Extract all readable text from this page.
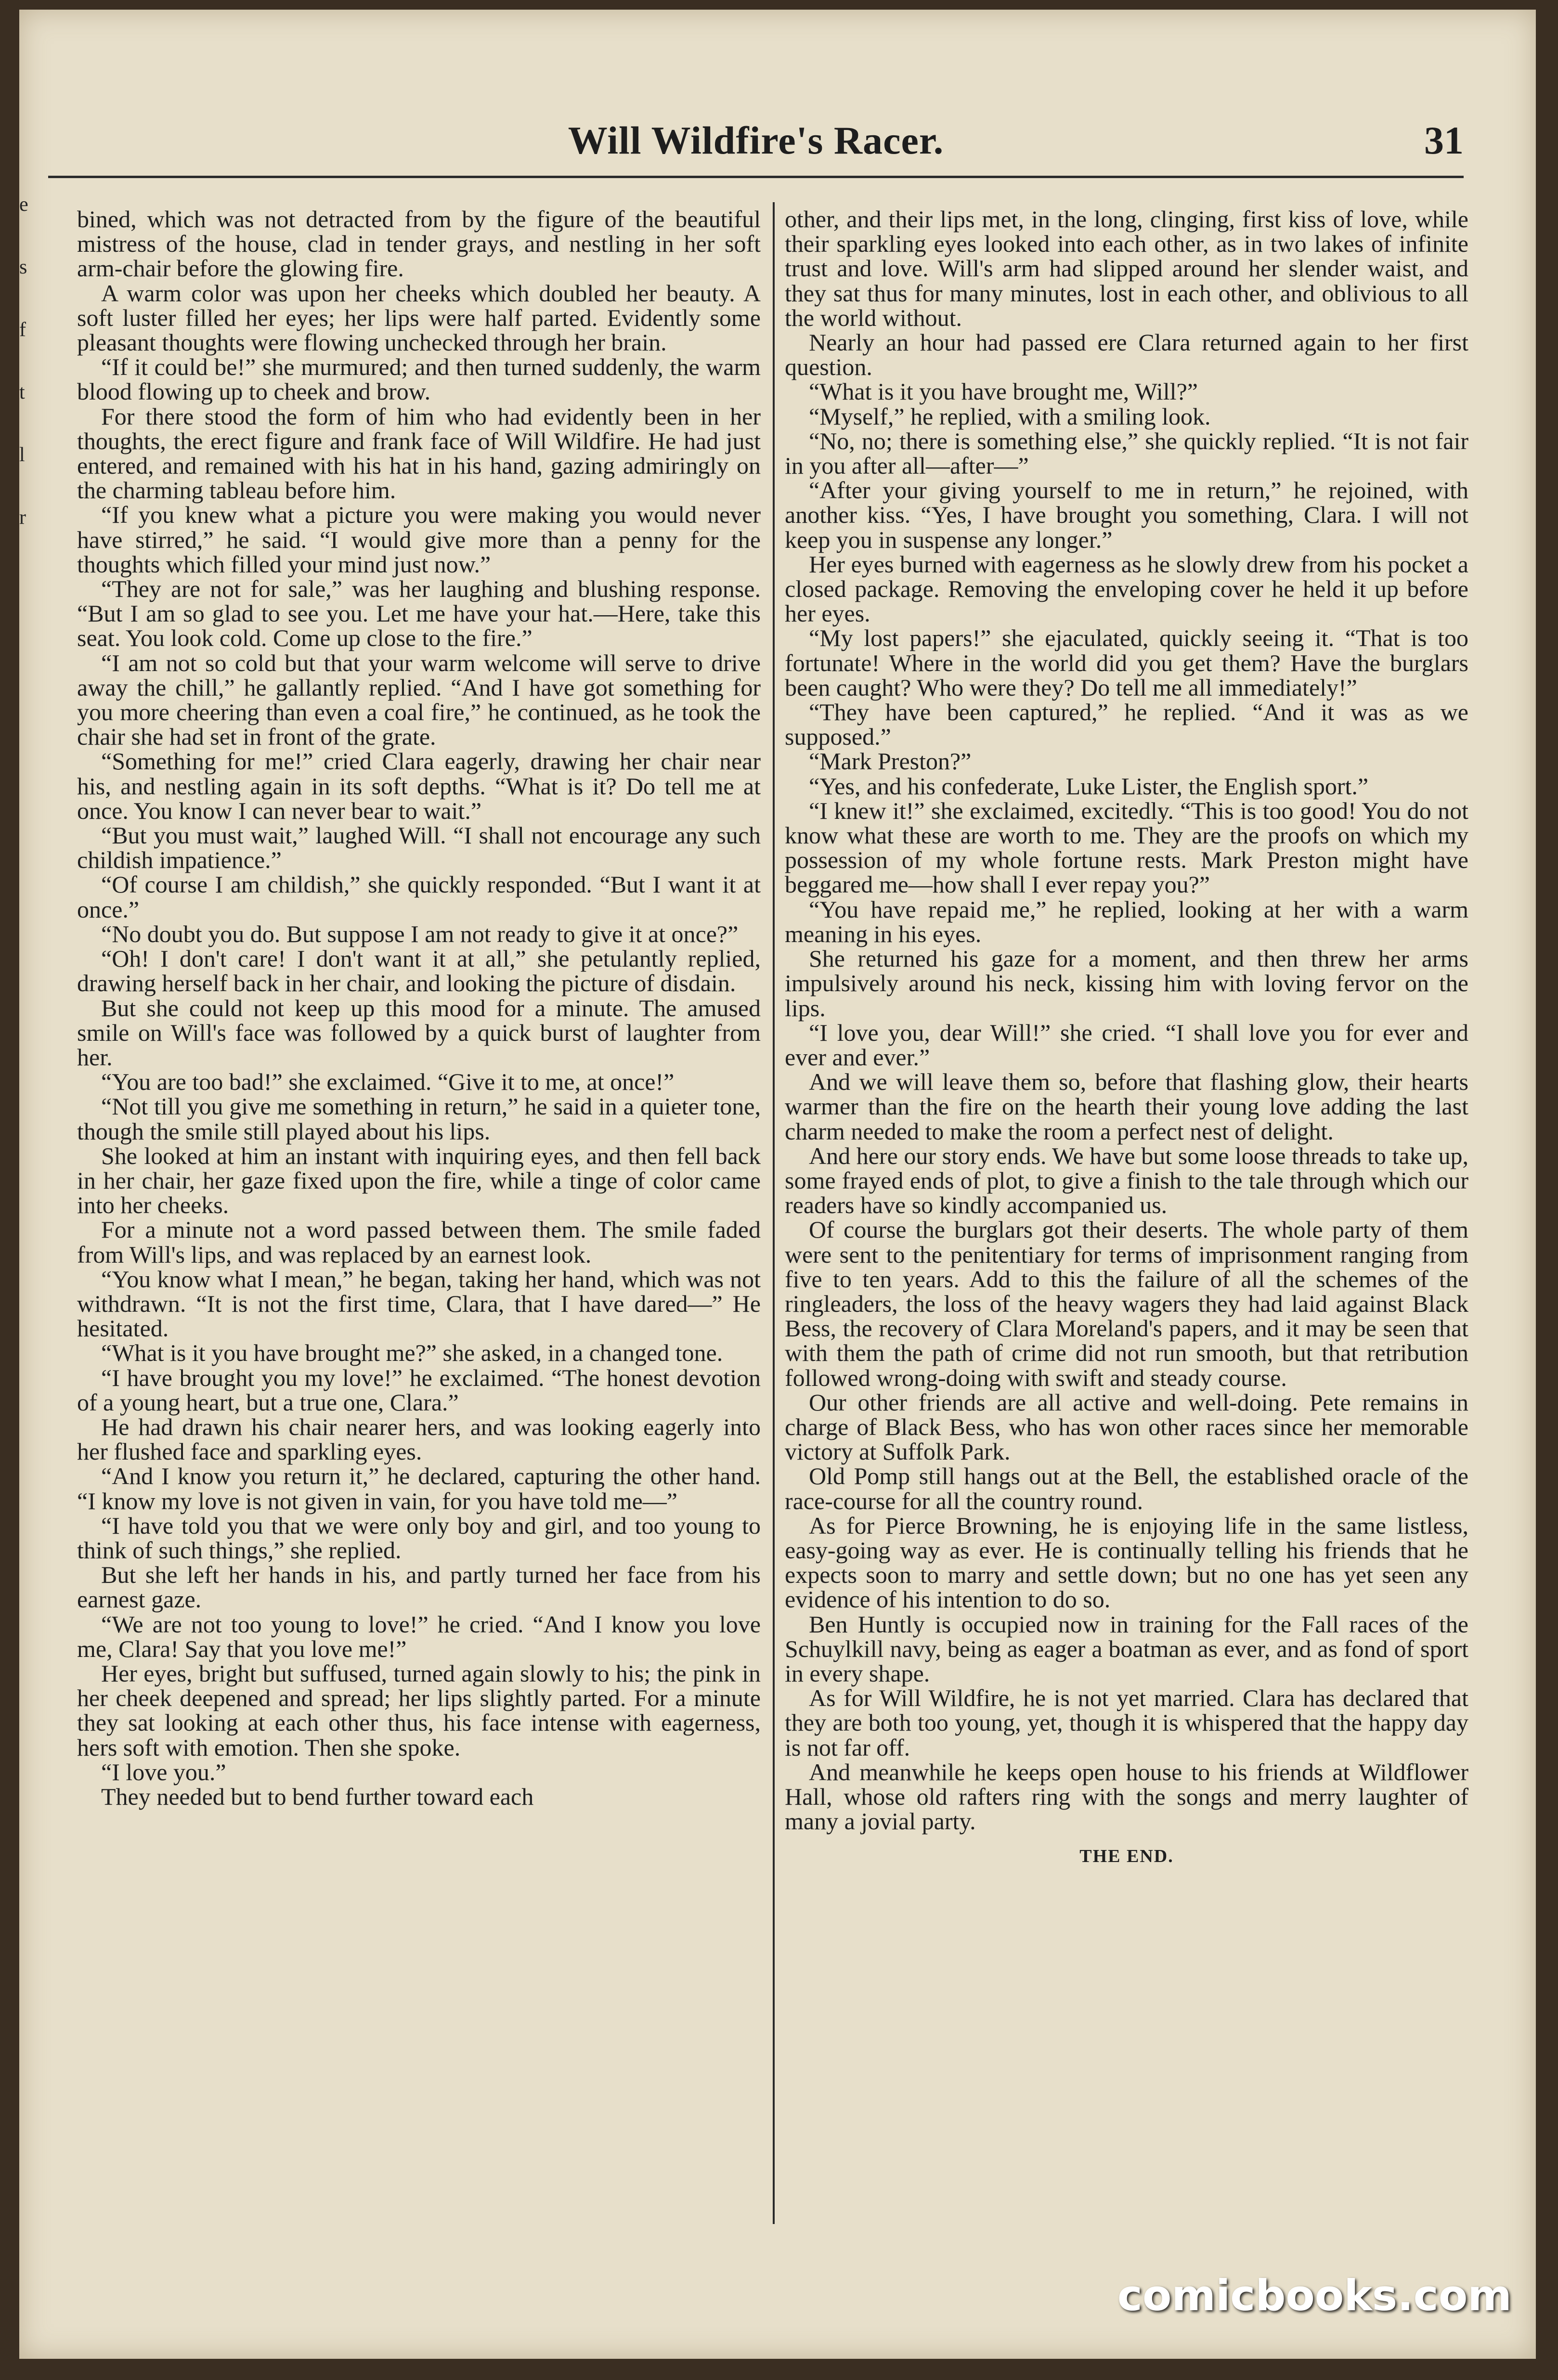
e
s
f
t
l
r
Will Wildfire's Racer.	31

bined, which was not detracted from by the figure of the beautiful mistress of the house, clad in tender grays, and nestling in her soft arm-chair before the glowing fire.

A warm color was upon her cheeks which doubled her beauty. A soft luster filled her eyes; her lips were half parted. Evidently some pleasant thoughts were flowing unchecked through her brain.

“If it could be!” she murmured; and then turned suddenly, the warm blood flowing up to cheek and brow.

For there stood the form of him who had evidently been in her thoughts, the erect figure and frank face of Will Wildfire. He had just entered, and remained with his hat in his hand, gazing admiringly on the charming tableau before him.

“If you knew what a picture you were making you would never have stirred,” he said. “I would give more than a penny for the thoughts which filled your mind just now.”

“They are not for sale,” was her laughing and blushing response. “But I am so glad to see you. Let me have your hat.—Here, take this seat. You look cold. Come up close to the fire.”

“I am not so cold but that your warm welcome will serve to drive away the chill,” he gallantly replied. “And I have got something for you more cheering than even a coal fire,” he continued, as he took the chair she had set in front of the grate.

“Something for me!” cried Clara eagerly, drawing her chair near his, and nestling again in its soft depths. “What is it? Do tell me at once. You know I can never bear to wait.”

“But you must wait,” laughed Will. “I shall not encourage any such childish impatience.”

“Of course I am childish,” she quickly responded. “But I want it at once.”

“No doubt you do. But suppose I am not ready to give it at once?”

“Oh! I don't care! I don't want it at all,” she petulantly replied, drawing herself back in her chair, and looking the picture of disdain.

But she could not keep up this mood for a minute. The amused smile on Will's face was followed by a quick burst of laughter from her.

“You are too bad!” she exclaimed. “Give it to me, at once!”

“Not till you give me something in return,” he said in a quieter tone, though the smile still played about his lips.

She looked at him an instant with inquiring eyes, and then fell back in her chair, her gaze fixed upon the fire, while a tinge of color came into her cheeks.

For a minute not a word passed between them. The smile faded from Will's lips, and was replaced by an earnest look.

“You know what I mean,” he began, taking her hand, which was not withdrawn. “It is not the first time, Clara, that I have dared—” He hesitated.

“What is it you have brought me?” she asked, in a changed tone.

“I have brought you my love!” he exclaimed. “The honest devotion of a young heart, but a true one, Clara.”

He had drawn his chair nearer hers, and was looking eagerly into her flushed face and sparkling eyes.

“And I know you return it,” he declared, capturing the other hand. “I know my love is not given in vain, for you have told me—”

“I have told you that we were only boy and girl, and too young to think of such things,” she replied.

But she left her hands in his, and partly turned her face from his earnest gaze.

“We are not too young to love!” he cried. “And I know you love me, Clara! Say that you love me!”

Her eyes, bright but suffused, turned again slowly to his; the pink in her cheek deepened and spread; her lips slightly parted. For a minute they sat looking at each other thus, his face intense with eagerness, hers soft with emotion. Then she spoke.

“I love you.”

They needed but to bend further toward each

other, and their lips met, in the long, clinging, first kiss of love, while their sparkling eyes looked into each other, as in two lakes of infinite trust and love. Will's arm had slipped around her slender waist, and they sat thus for many minutes, lost in each other, and oblivious to all the world without.

Nearly an hour had passed ere Clara returned again to her first question.

“What is it you have brought me, Will?”

“Myself,” he replied, with a smiling look.

“No, no; there is something else,” she quickly replied. “It is not fair in you after all—after—”

“After your giving yourself to me in return,” he rejoined, with another kiss. “Yes, I have brought you something, Clara. I will not keep you in suspense any longer.”

Her eyes burned with eagerness as he slowly drew from his pocket a closed package. Removing the enveloping cover he held it up before her eyes.

“My lost papers!” she ejaculated, quickly seeing it. “That is too fortunate! Where in the world did you get them? Have the burglars been caught? Who were they? Do tell me all immediately!”

“They have been captured,” he replied. “And it was as we supposed.”

“Mark Preston?”

“Yes, and his confederate, Luke Lister, the English sport.”

“I knew it!” she exclaimed, excitedly. “This is too good! You do not know what these are worth to me. They are the proofs on which my possession of my whole fortune rests. Mark Preston might have beggared me—how shall I ever repay you?”

“You have repaid me,” he replied, looking at her with a warm meaning in his eyes.

She returned his gaze for a moment, and then threw her arms impulsively around his neck, kissing him with loving fervor on the lips.

“I love you, dear Will!” she cried. “I shall love you for ever and ever and ever.”

And we will leave them so, before that flashing glow, their hearts warmer than the fire on the hearth their young love adding the last charm needed to make the room a perfect nest of delight.

And here our story ends. We have but some loose threads to take up, some frayed ends of plot, to give a finish to the tale through which our readers have so kindly accompanied us.

Of course the burglars got their deserts. The whole party of them were sent to the penitentiary for terms of imprisonment ranging from five to ten years. Add to this the failure of all the schemes of the ringleaders, the loss of the heavy wagers they had laid against Black Bess, the recovery of Clara Moreland's papers, and it may be seen that with them the path of crime did not run smooth, but that retribution followed wrong-doing with swift and steady course.

Our other friends are all active and well-doing. Pete remains in charge of Black Bess, who has won other races since her memorable victory at Suffolk Park.

Old Pomp still hangs out at the Bell, the established oracle of the race-course for all the country round.

As for Pierce Browning, he is enjoying life in the same listless, easy-going way as ever. He is continually telling his friends that he expects soon to marry and settle down; but no one has yet seen any evidence of his intention to do so.

Ben Huntly is occupied now in training for the Fall races of the Schuylkill navy, being as eager a boatman as ever, and as fond of sport in every shape.

As for Will Wildfire, he is not yet married. Clara has declared that they are both too young, yet, though it is whispered that the happy day is not far off.

And meanwhile he keeps open house to his friends at Wildflower Hall, whose old rafters ring with the songs and merry laughter of many a jovial party.

THE END.

comicbooks.com
